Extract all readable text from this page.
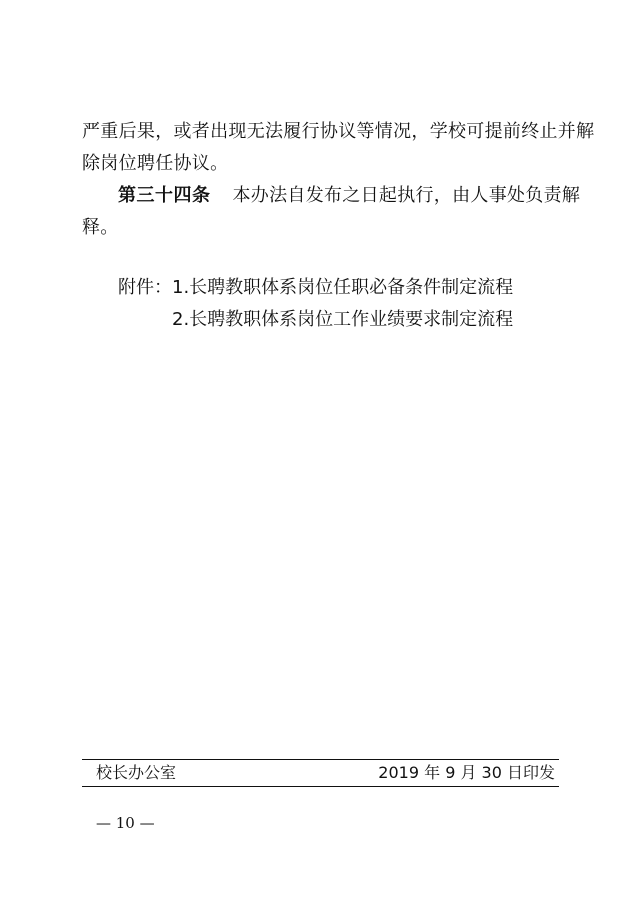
严重后果，或者出现无法履行协议等情况，学校可提前终止并解
除岗位聘任协议。
第三十四条 本办法自发布之日起执行，由人事处负责解
释。
附件：1.长聘教职体系岗位任职必备条件制定流程
2.长聘教职体系岗位工作业绩要求制定流程
校长办公室	2019 年 9 月 30 日印发
— 10 —
